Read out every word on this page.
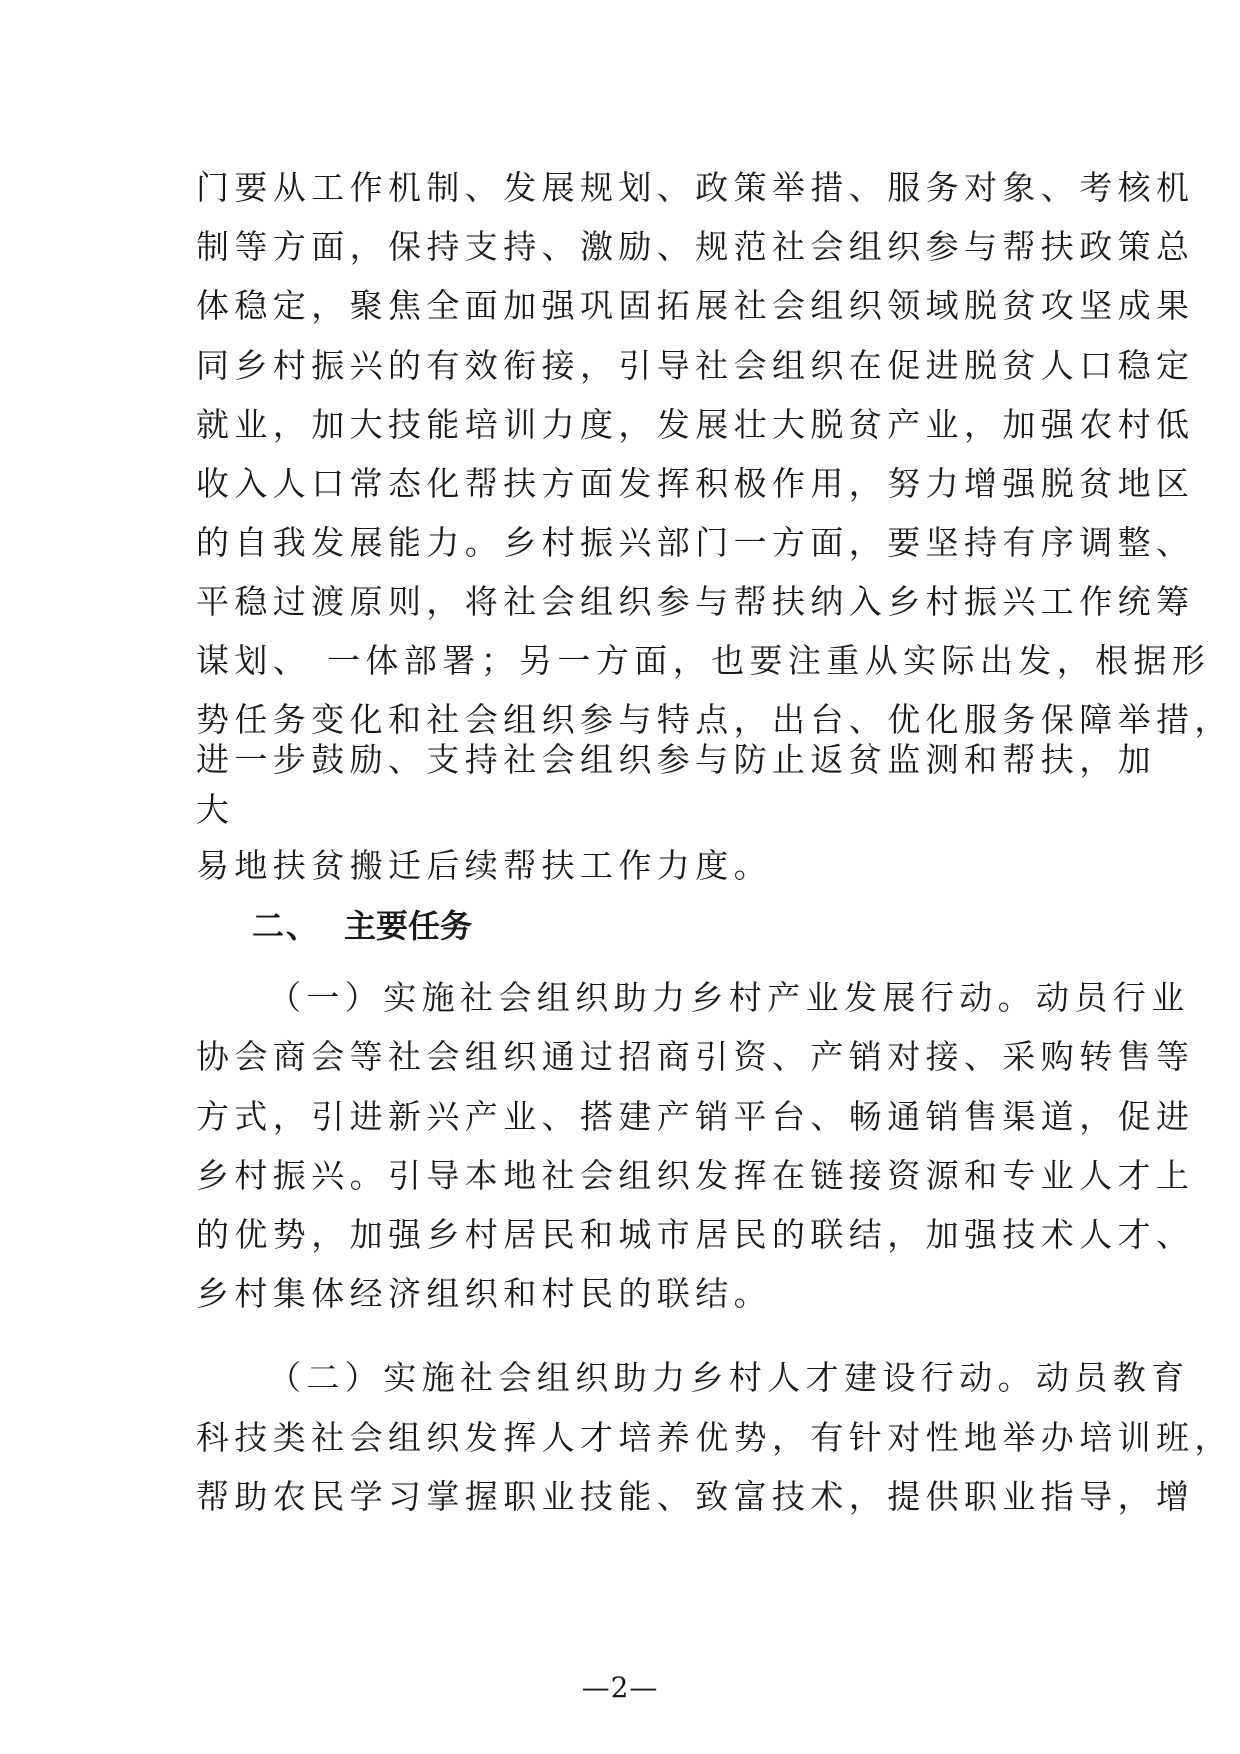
门要从工作机制、发展规划、政策举措、服务对象、考核机
制等方面，保持支持、激励、规范社会组织参与帮扶政策总
体稳定，聚焦全面加强巩固拓展社会组织领域脱贫攻坚成果
同乡村振兴的有效衔接，引导社会组织在促进脱贫人口稳定
就业，加大技能培训力度，发展壮大脱贫产业，加强农村低
收入人口常态化帮扶方面发挥积极作用，努力增强脱贫地区
的自我发展能力。乡村振兴部门一方面，要坚持有序调整、
平稳过渡原则，将社会组织参与帮扶纳入乡村振兴工作统筹
谋划、 一体部署；另一方面，也要注重从实际出发，根据形
势任务变化和社会组织参与特点，出台、优化服务保障举措，
进一步鼓励、支持社会组织参与防止返贫监测和帮扶，加
大
易地扶贫搬迁后续帮扶工作力度。
二、 主要任务
（一）实施社会组织助力乡村产业发展行动。动员行业
协会商会等社会组织通过招商引资、产销对接、采购转售等
方式，引进新兴产业、搭建产销平台、畅通销售渠道，促进
乡村振兴。引导本地社会组织发挥在链接资源和专业人才上
的优势，加强乡村居民和城市居民的联结，加强技术人才、
乡村集体经济组织和村民的联结。
（二）实施社会组织助力乡村人才建设行动。动员教育
科技类社会组织发挥人才培养优势，有针对性地举办培训班，
帮助农民学习掌握职业技能、致富技术，提供职业指导，增
—2—
